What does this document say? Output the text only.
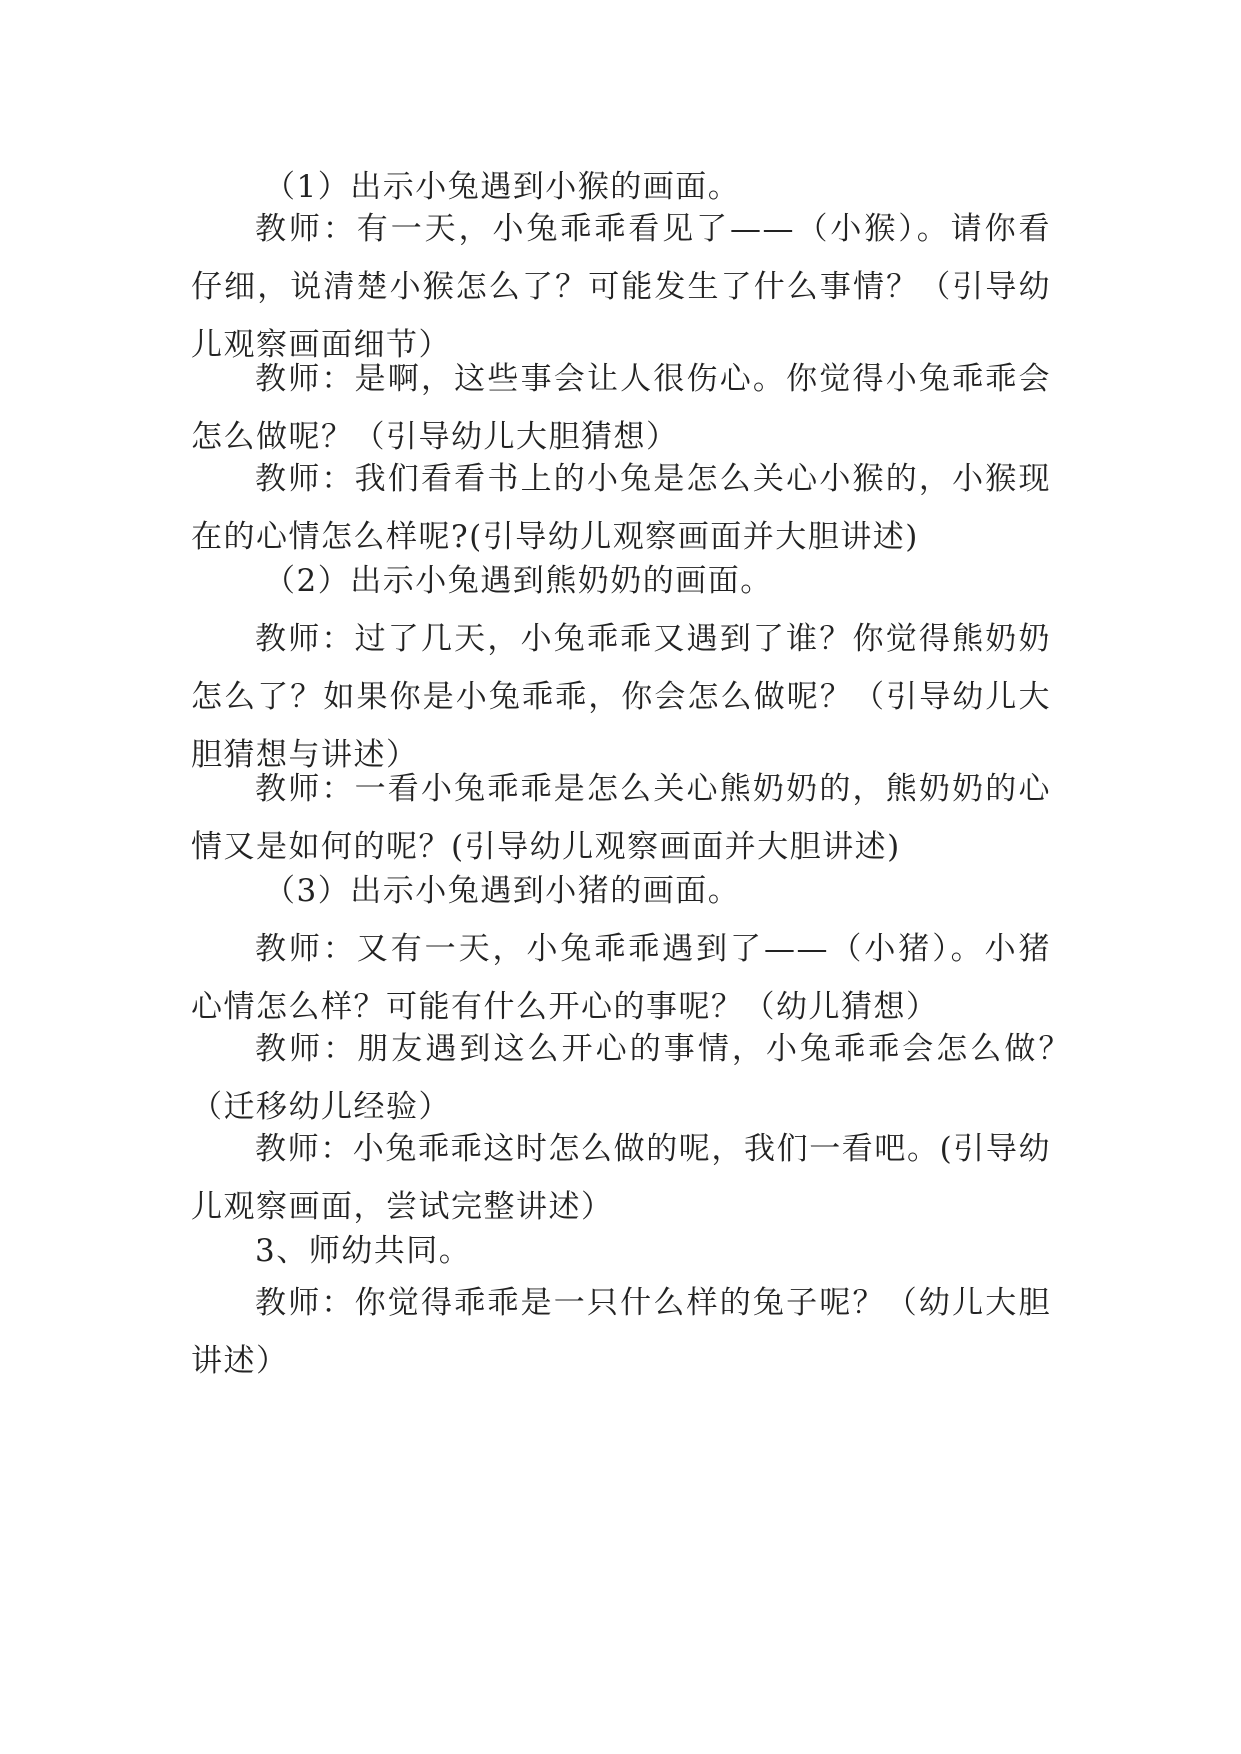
（1）出示小兔遇到小猴的画面。

教师：有一天，小兔乖乖看见了——（小猴）。请你看仔细，说清楚小猴怎么了？可能发生了什么事情？（引导幼儿观察画面细节）

教师：是啊，这些事会让人很伤心。你觉得小兔乖乖会怎么做呢？（引导幼儿大胆猜想）

教师：我们看看书上的小兔是怎么关心小猴的，小猴现在的心情怎么样呢?(引导幼儿观察画面并大胆讲述)

（2）出示小兔遇到熊奶奶的画面。

教师：过了几天，小兔乖乖又遇到了谁？你觉得熊奶奶怎么了？如果你是小兔乖乖，你会怎么做呢？（引导幼儿大胆猜想与讲述）

教师：一看小兔乖乖是怎么关心熊奶奶的，熊奶奶的心情又是如何的呢？(引导幼儿观察画面并大胆讲述)

（3）出示小兔遇到小猪的画面。

教师：又有一天，小兔乖乖遇到了——（小猪）。小猪心情怎么样？可能有什么开心的事呢？（幼儿猜想）

教师：朋友遇到这么开心的事情，小兔乖乖会怎么做？（迁移幼儿经验）

教师：小兔乖乖这时怎么做的呢，我们一看吧。(引导幼儿观察画面，尝试完整讲述）

3、师幼共同。

教师：你觉得乖乖是一只什么样的兔子呢？（幼儿大胆讲述）
